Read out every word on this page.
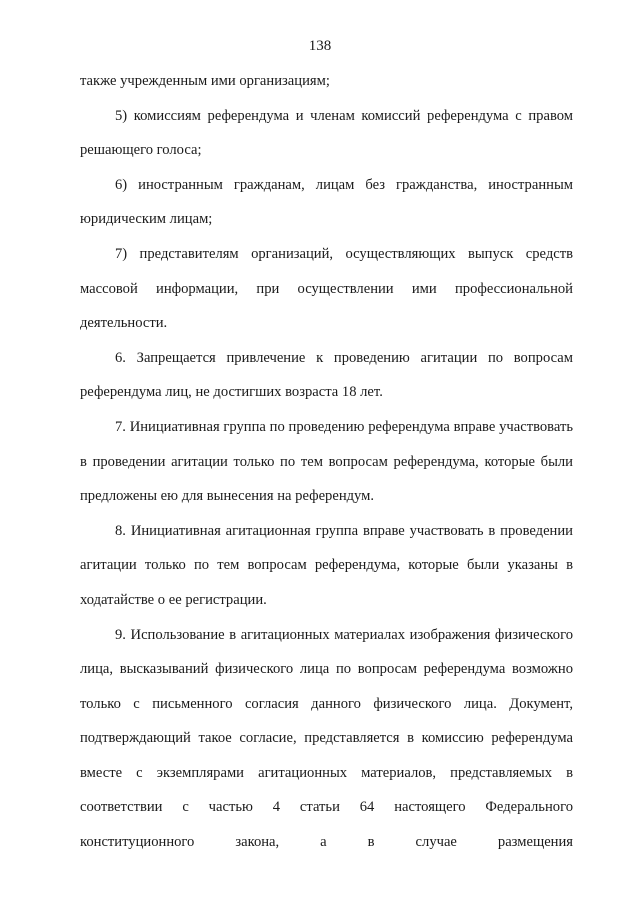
138

также учрежденным ими организациям;

5) комиссиям референдума и членам комиссий референдума с правом решающего голоса;

6) иностранным гражданам, лицам без гражданства, иностранным юридическим лицам;

7) представителям организаций, осуществляющих выпуск средств массовой информации, при осуществлении ими профессиональной деятельности.

6. Запрещается привлечение к проведению агитации по вопросам референдума лиц, не достигших возраста 18 лет.

7. Инициативная группа по проведению референдума вправе участвовать в проведении агитации только по тем вопросам референдума, которые были предложены ею для вынесения на референдум.

8. Инициативная агитационная группа вправе участвовать в проведении агитации только по тем вопросам референдума, которые были указаны в ходатайстве о ее регистрации.

9. Использование в агитационных материалах изображения физического лица, высказываний физического лица по вопросам референдума возможно только с письменного согласия данного физического лица. Документ, подтверждающий такое согласие, представляется в комиссию референдума вместе с экземплярами агитационных материалов, представляемых в соответствии с частью 4 статьи 64 настоящего Федерального конституционного закона, а в случае размещения
